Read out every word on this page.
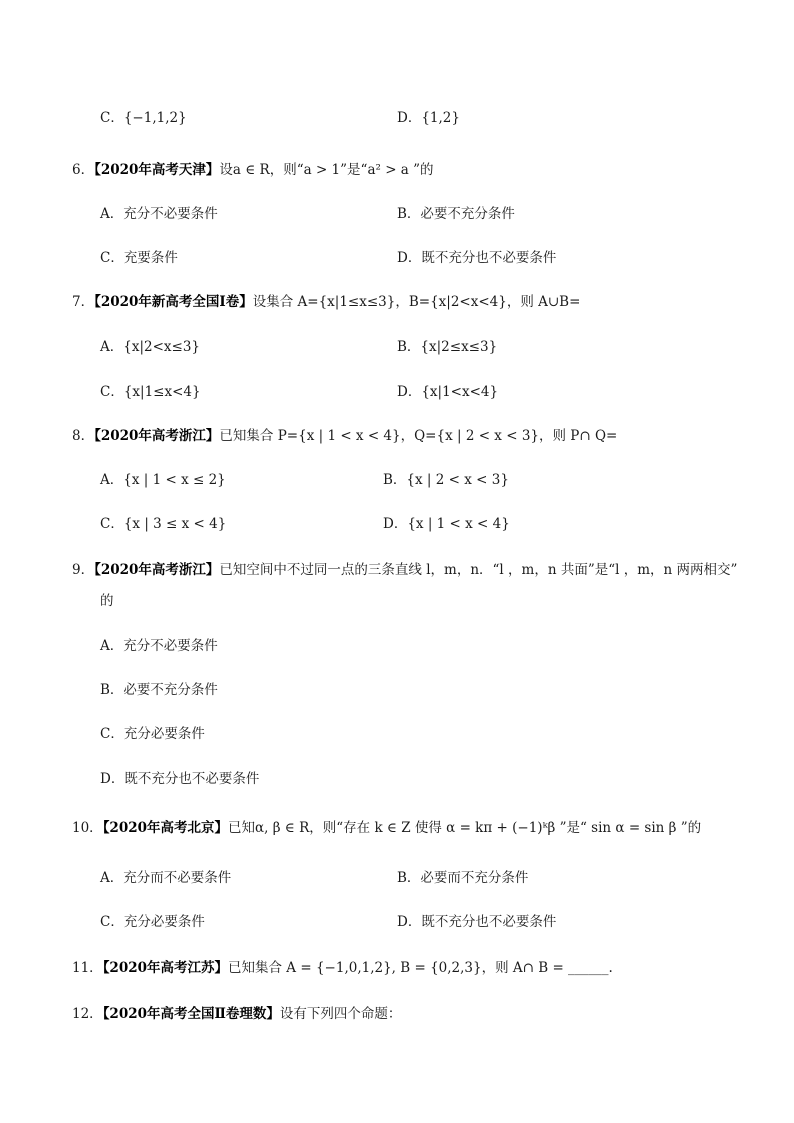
C．{−1,1,2}	D．{1,2}
6．【2020年高考天津】设a ∈ R，则“a > 1”是“a² > a ”的
A．充分不必要条件	B．必要不充分条件
C．充要条件	D．既不充分也不必要条件
7．【2020年新高考全国Ⅰ卷】设集合 A={x|1≤x≤3}，B={x|2<x<4}，则 A∪B=
A．{x|2<x≤3}	B．{x|2≤x≤3}
C．{x|1≤x<4}	D．{x|1<x<4}
8．【2020年高考浙江】已知集合 P={x | 1 < x < 4}，Q={x | 2 < x < 3}，则 P∩ Q=
A．{x | 1 < x ≤ 2}	B．{x | 2 < x < 3}
C．{x | 3 ≤ x < 4}	D．{x | 1 < x < 4}
9．【2020年高考浙江】已知空间中不过同一点的三条直线 l，m，n．“l ，m，n 共面”是“l ，m，n 两两相交”
的
A．充分不必要条件
B．必要不充分条件
C．充分必要条件
D．既不充分也不必要条件
10．【2020年高考北京】已知α, β ∈ R，则“存在 k ∈ Z 使得 α = kπ + (−1)ᵏβ ”是“ sin α = sin β ”的
A．充分而不必要条件	B．必要而不充分条件
C．充分必要条件	D．既不充分也不必要条件
11．【2020年高考江苏】已知集合 A = {−1,0,1,2}, B = {0,2,3}，则 A∩ B = ______.
12．【2020年高考全国Ⅱ卷理数】设有下列四个命题：
